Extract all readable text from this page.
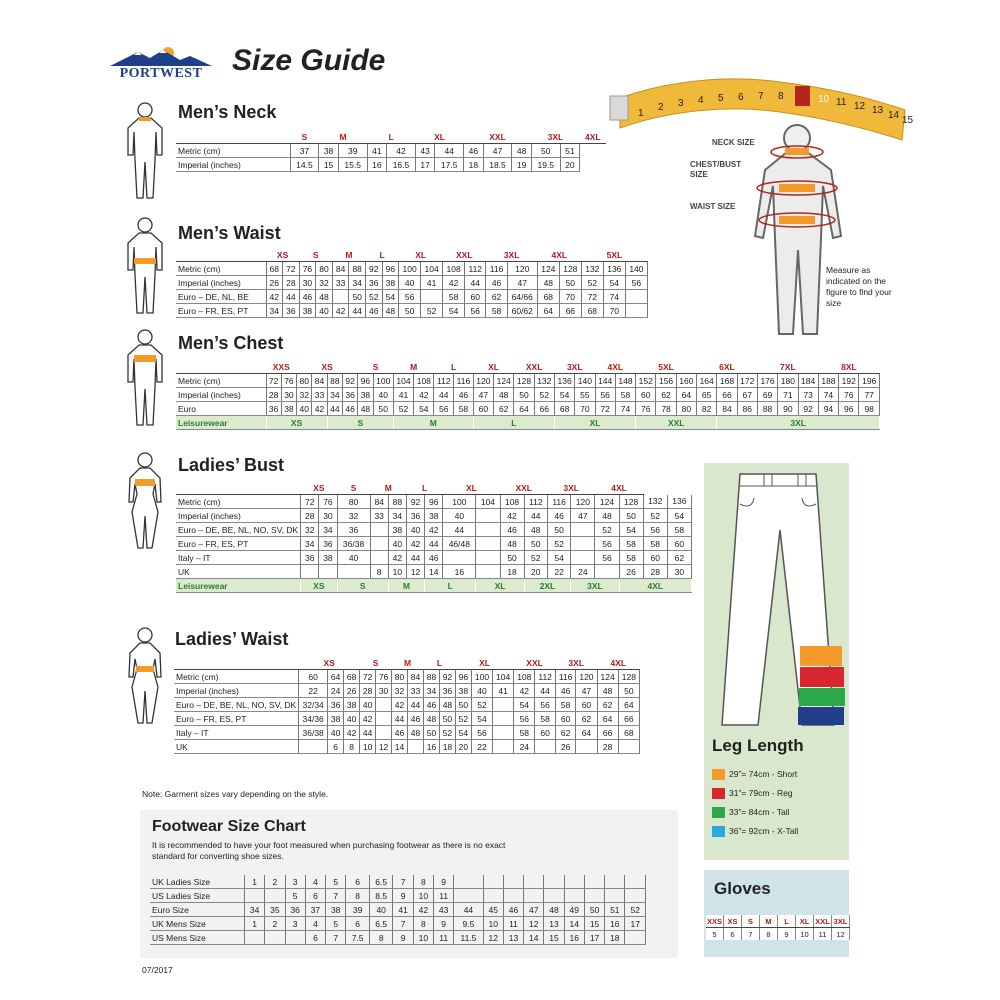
PORTWEST Size Guide
Men’s Neck
Men’s Waist
Men’s Chest
Ladies’ Bust
Ladies’ Waist
	S	M		L		XL		XXL			3XL		4XL
Metric (cm)	37	38	39	41	42	43	44	46	47	48	50	51	
Imperial (inches)	14.5	15	15.5	16	16.5	17	17.5	18	18.5	19	19.5	20	
	XS		S		M		L		XL		XXL		3XL		4XL		5XL		
Metric (cm)	68	72	76	80	84	88	92	96	100	104	108	112	116	120	124	128	132	136	140
Imperial (inches)	26	28	30	32	33	34	36	38	40	41	42	44	46	47	48	50	52	54	56
Euro – DE, NL, BE	42	44	46	48		50	52	54	56		58	60	62	64/66	68	70	72	74	
Euro – FR, ES, PT	34	36	38	40	42	44	46	48	50	52	54	56	58	60/62	64	66	68	70	
	XXS		XS				S		M		L		XL		XXL		3XL		4XL		5XL			6XL			7XL			8XL		
Metric (cm)	72	76	80	84	88	92	96	100	104	108	112	116	120	124	128	132	136	140	144	148	152	156	160	164	168	172	176	180	184	188	192	196
Imperial (inches)	28	30	32	33	34	36	38	40	41	42	44	46	47	48	50	52	54	55	56	58	60	62	64	65	66	67	69	71	73	74	76	77
Euro	36	38	40	42	44	46	48	50	52	54	56	58	60	62	64	66	68	70	72	74	76	78	80	82	84	86	88	90	92	94	96	98
Leisurewear	XS				S				M				L				XL				XXL				3XL							
	XS		S	M		L		XL		XXL		3XL		4XL			
Metric (cm)	72	76	80	84	88	92	96	100	104	108	112	116	120	124	128	132	136
Imperial (inches)	28	30	32	33	34	36	38	40		42	44	46	47	48	50	52	54
Euro – DE, BE, NL, NO, SV, DK	32	34	36		38	40	42	44		46	48	50		52	54	56	58
Euro – FR, ES, PT	34	36	36/38		40	42	44	46/48		48	50	52		56	58	58	60
Italy – IT	36	38	40		42	44	46			50	52	54		56	58	60	62
UK				8	10	12	14	16		18	20	22	24		26	28	30
Leisurewear	XS		S		M		L		XL		2XL		3XL		4XL		
	XS			S		M		L		XL			XXL		3XL		4XL	
Metric (cm)	60	64	68	72	76	80	84	88	92	96	100	104	108	112	116	120	124	128
Imperial (inches)	22	24	26	28	30	32	33	34	36	38	40	41	42	44	46	47	48	50
Euro – DE, BE, NL, NO, SV, DK	32/34	36	38	40		42	44	46	48	50	52		54	56	58	60	62	64
Euro – FR, ES, PT	34/36	38	40	42		44	46	48	50	52	54		56	58	60	62	64	66
Italy – IT	36/38	40	42	44		46	48	50	52	54	56		58	60	62	64	66	68
UK		6	8	10	12	14		16	18	20	22		24		26		28	
1
2 3 4 5 6 7 8	10 11 12 13 14 15
NECK SIZE
CHEST/BUST SIZE
WAIST SIZE
Measure as indicated on the figure to find your size
Leg Length
29”= 74cm - Short
31”= 79cm - Reg
33”= 84cm - Tall
36”= 92cm - X-Tall
Gloves
XXS	XS	S	M	L	XL	XXL	3XL
5	6	7	8	9	10	11	12
Note: Garment sizes vary depending on the style.
Footwear Size Chart
It is recommended to have your foot measured when purchasing footwear as there is no exact standard for converting shoe sizes.
UK Ladies Size	1	2	3	4	5	6	6.5	7	8	9									
US Ladies Size			5	6	7	8	8.5	9	10	11									
Euro Size	34	35	36	37	38	39	40	41	42	43	44	45	46	47	48	49	50	51	52
UK Mens Size	1	2	3	4	5	6	6.5	7	8	9	9.5	10	11	12	13	14	15	16	17
US Mens Size				6	7	7.5	8	9	10	11	11.5	12	13	14	15	16	17	18	
07/2017
